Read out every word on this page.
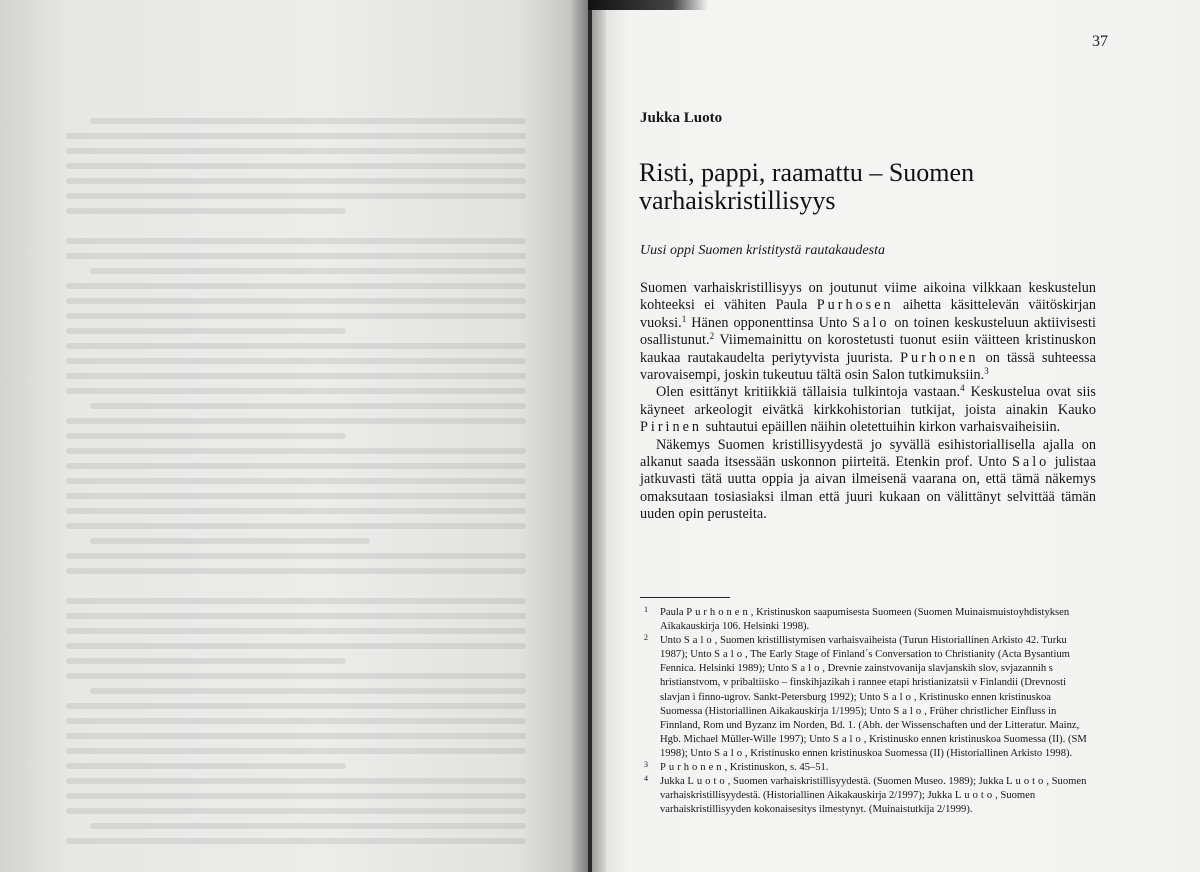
37
Jukka Luoto
Risti, pappi, raamattu – Suomen varhaiskristillisyys
Uusi oppi Suomen kristitystä rautakaudesta

Suomen varhaiskristillisyys on joutunut viime aikoina vilkkaan keskustelun kohteeksi ei vähiten Paula Purhosen aihetta käsittelevän väitöskirjan vuoksi.$^1$ Hänen opponenttinsa Unto Salo on toinen keskusteluun aktiivisesti osallistunut.$^2$ Viimemainittu on korostetusti tuonut esiin väitteen kristinuskon kaukaa rautakaudelta periytyvista juurista. Purhonen on tässä suhteessa varovaisempi, joskin tukeutuu tältä osin Salon tutkimuksiin.$^3$

Olen esittänyt kritiikkiä tällaisia tulkintoja vastaan.$^4$ Keskustelua ovat siis käyneet arkeologit eivätkä kirkkohistorian tutkijat, joista ainakin Kauko Pirinen suhtautui epäillen näihin oletettuihin kirkon varhaisvaiheisiin.

Näkemys Suomen kristillisyydestä jo syvällä esihistoriallisella ajalla on alkanut saada itsessään uskonnon piirteitä. Etenkin prof. Unto Salo julistaa jatkuvasti tätä uutta oppia ja aivan ilmeisenä vaarana on, että tämä näkemys omaksutaan tosiasiaksi ilman että juuri kukaan on välittänyt selvittää tämän uuden opin perusteita.

1 Paula Purhonen, Kristinuskon saapumisesta Suomeen (Suomen Muinaismuistoyhdistyksen Aikakauskirja 106. Helsinki 1998).

2 Unto Salo, Suomen kristillistymisen varhaisvaiheista (Turun Historiallinen Arkisto 42. Turku 1987); Unto Salo, The Early Stage of Finland´s Conversation to Christianity (Acta Bysantium Fennica. Helsinki 1989); Unto Salo, Drevnie zainstvovanija slavjanskih slov, svjazannih s hristianstvom, v pribaltiisko – finskihjazikah i rannee etapi hristianizatsii v Finlandii (Drevnosti slavjan i finno-ugrov. Sankt-Petersburg 1992); Unto Salo, Kristinusko ennen kristinuskoa Suomessa (Historiallinen Aikakauskirja 1/1995); Unto Salo, Früher christlicher Einfluss in Finnland, Rom und Byzanz im Norden, Bd. 1. (Abh. der Wissenschaften und der Litteratur. Mainz, Hgb. Michael Müller-Wille 1997); Unto Salo, Kristinusko ennen kristinuskoa Suomessa (II). (SM 1998); Unto Salo, Kristinusko ennen kristinuskoa Suomessa (II) (Historiallinen Arkisto 1998).

3 Purhonen, Kristinuskon, s. 45–51.

4 Jukka Luoto, Suomen varhaiskristillisyydestä. (Suomen Museo. 1989); Jukka Luoto, Suomen varhaiskristillisyydestä. (Historiallinen Aikakauskirja 2/1997); Jukka Luoto, Suomen varhaiskristillisyyden kokonaisesitys ilmestynyt. (Muinaistutkija 2/1999).
